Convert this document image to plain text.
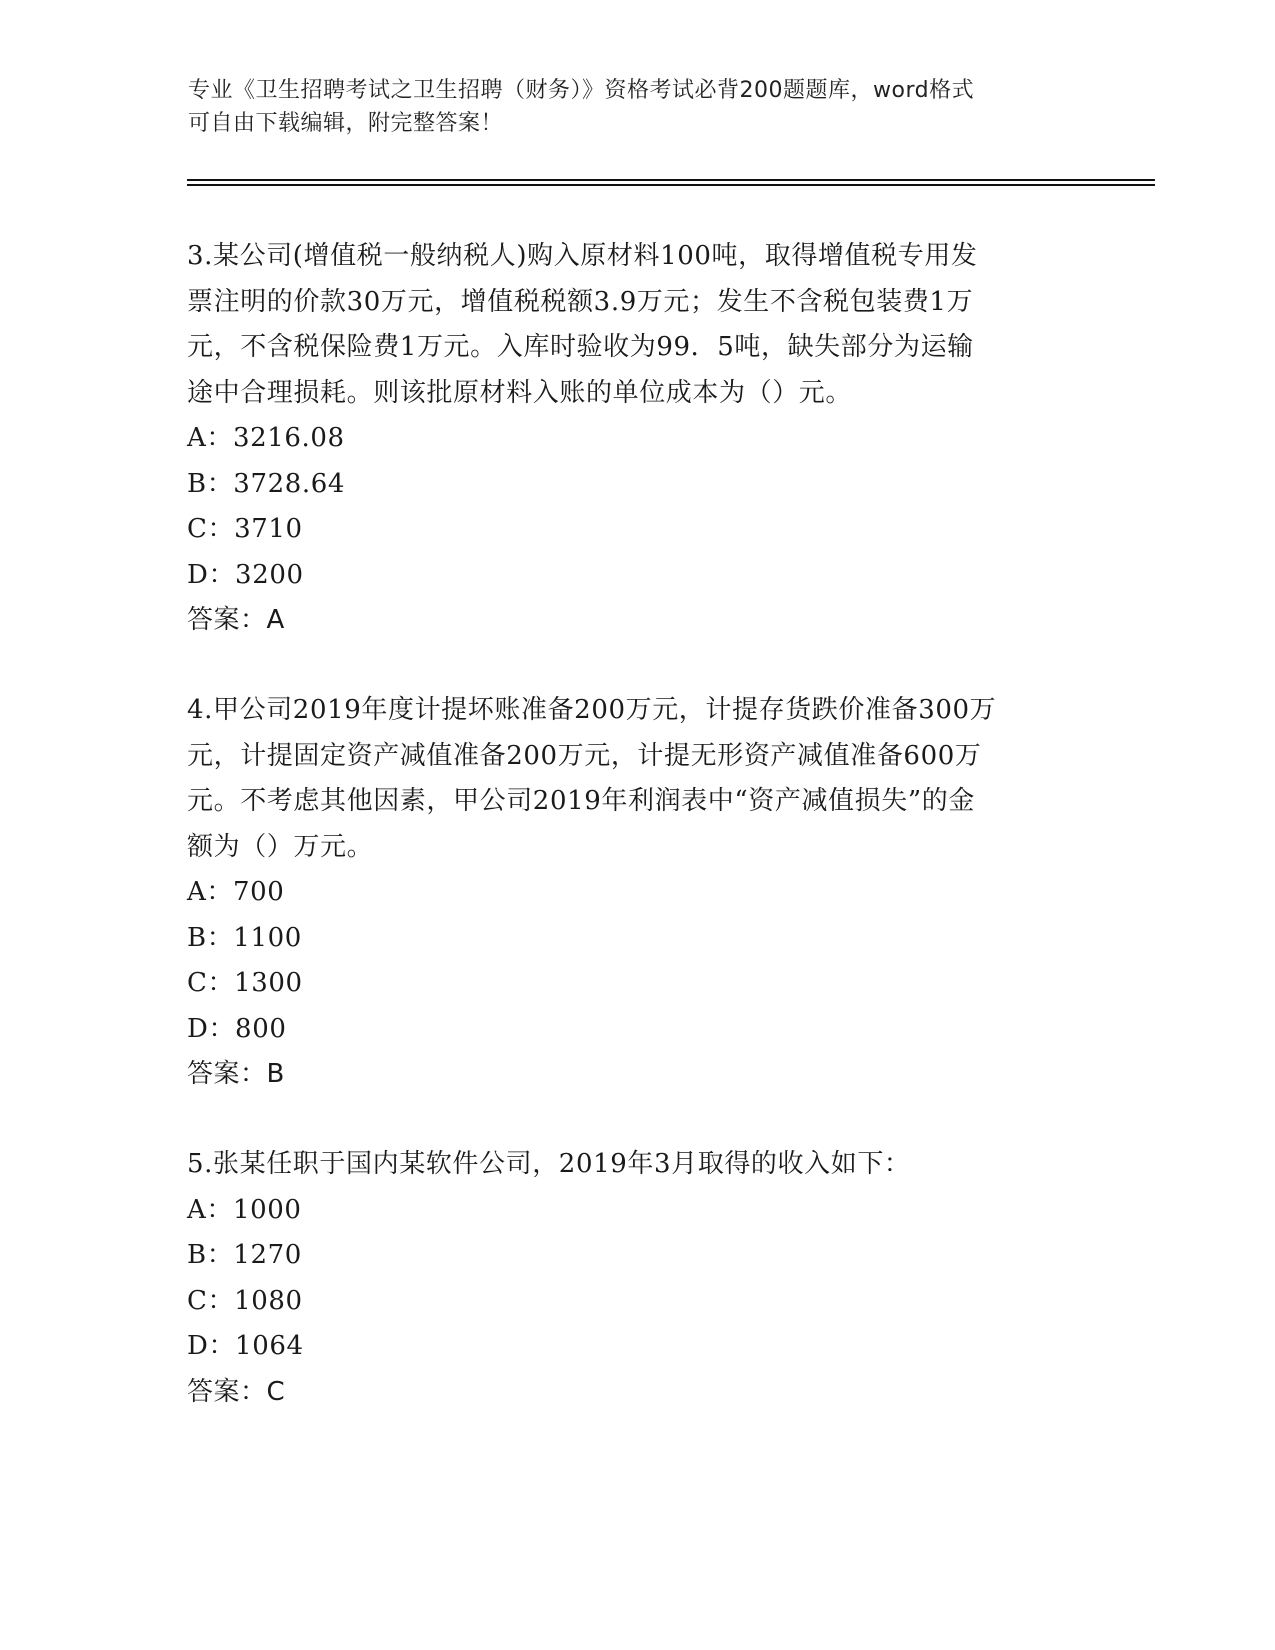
专业《卫生招聘考试之卫生招聘（财务）》资格考试必背200题题库，word格式
可自由下载编辑，附完整答案！
3.某公司(增值税一般纳税人)购入原材料100吨，取得增值税专用发
票注明的价款30万元，增值税税额3.9万元；发生不含税包装费1万
元，不含税保险费1万元。入库时验收为99．5吨，缺失部分为运输
途中合理损耗。则该批原材料入账的单位成本为（）元。
A：3216.08
B：3728.64
C：3710
D：3200
答案：A
4.甲公司2019年度计提坏账准备200万元，计提存货跌价准备300万
元，计提固定资产减值准备200万元，计提无形资产减值准备600万
元。不考虑其他因素，甲公司2019年利润表中“资产减值损失”的金
额为（）万元。
A：700
B：1100
C：1300
D：800
答案：B
5.张某任职于国内某软件公司，2019年3月取得的收入如下：
A：1000
B：1270
C：1080
D：1064
答案：C
